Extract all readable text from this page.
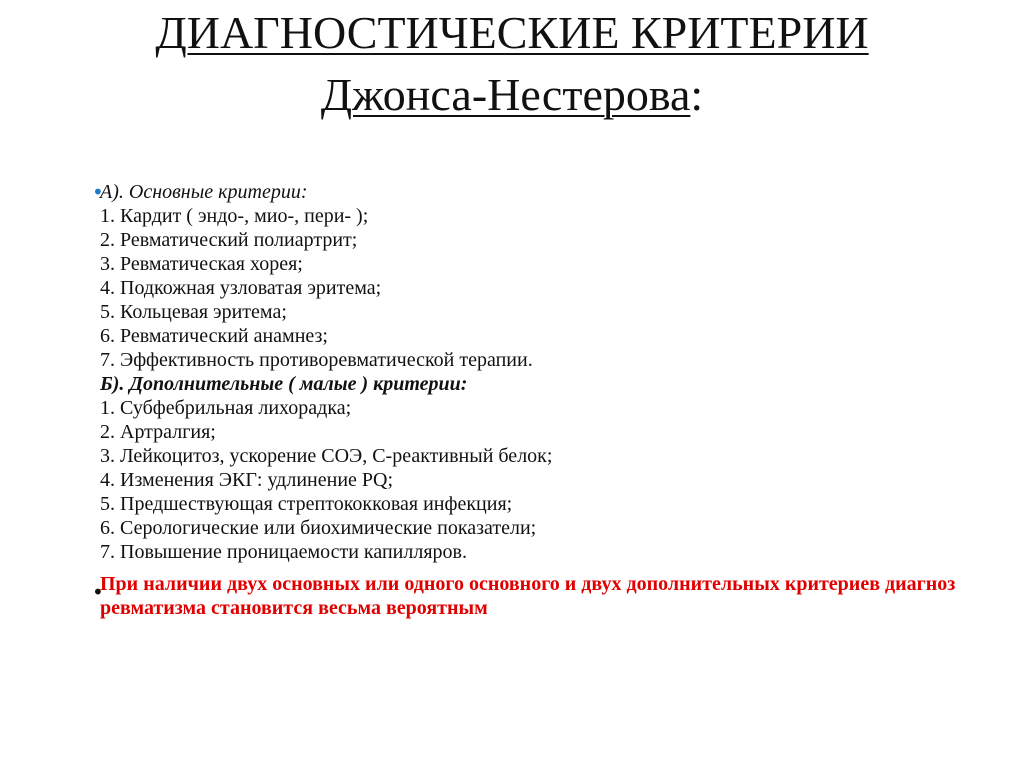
ДИАГНОСТИЧЕСКИЕ КРИТЕРИИ
Джонса-Нестерова:
•
А). Основные критерии:
1. Кардит ( эндо-, мио-, пери- );
2. Ревматический полиартрит;
3. Ревматическая хорея;
4. Подкожная узловатая эритема;
5. Кольцевая эритема;
6. Ревматический анамнез;
7. Эффективность противоревматической терапии.
Б). Дополнительные ( малые ) критерии:
1. Субфебрильная лихорадка;
2. Артралгия;
3. Лейкоцитоз, ускорение СОЭ, С-реактивный белок;
4. Изменения ЭКГ: удлинение PQ;
5. Предшествующая стрептококковая инфекция;
6. Серологические или биохимические показатели;
7. Повышение проницаемости капилляров.
•
При наличии двух основных или одного основного и двух дополнительных критериев диагноз ревматизма становится весьма вероятным
